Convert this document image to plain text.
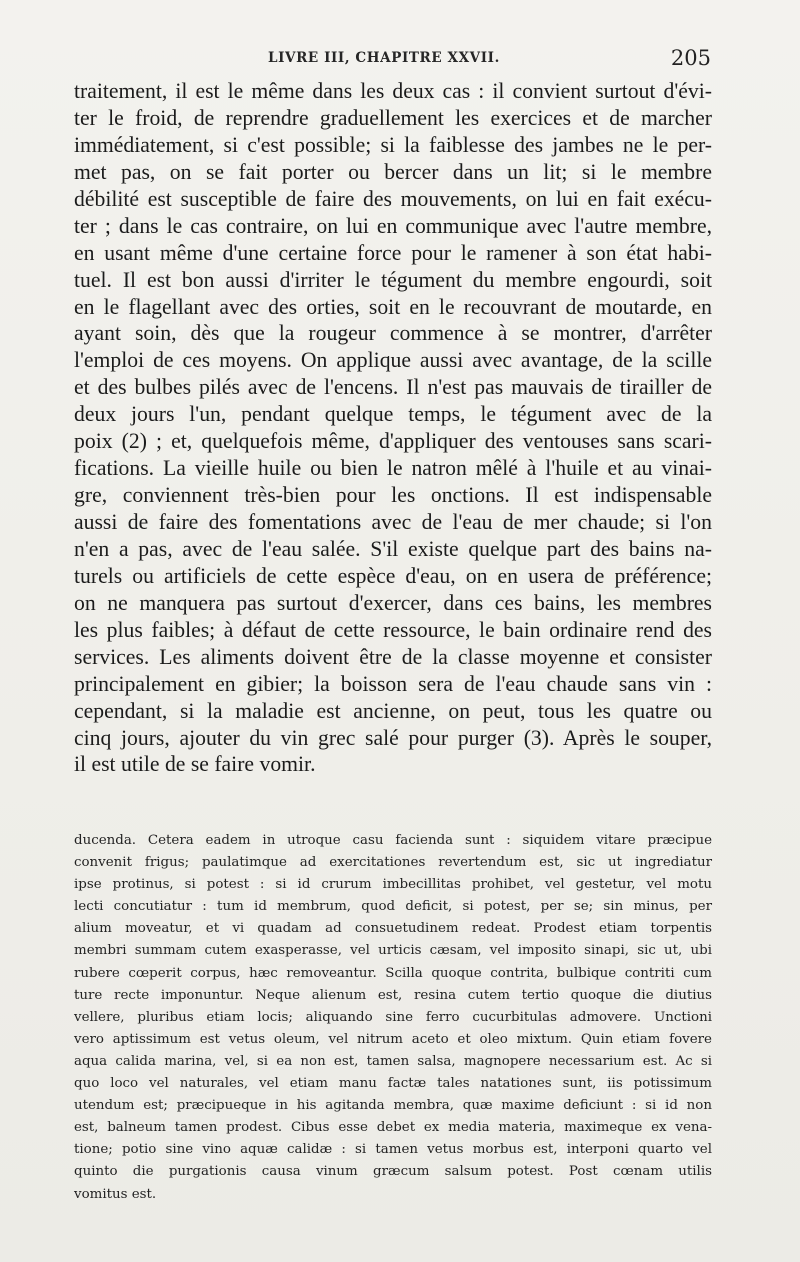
LIVRE III, CHAPITRE XXVII.	205
traitement, il est le même dans les deux cas : il convient surtout d'évi-
ter le froid, de reprendre graduellement les exercices et de marcher
immédiatement, si c'est possible; si la faiblesse des jambes ne le per-
met pas, on se fait porter ou bercer dans un lit; si le membre
débilité est susceptible de faire des mouvements, on lui en fait exécu-
ter ; dans le cas contraire, on lui en communique avec l'autre membre,
en usant même d'une certaine force pour le ramener à son état habi-
tuel. Il est bon aussi d'irriter le tégument du membre engourdi, soit
en le flagellant avec des orties, soit en le recouvrant de moutarde, en
ayant soin, dès que la rougeur commence à se montrer, d'arrêter
l'emploi de ces moyens. On applique aussi avec avantage, de la scille
et des bulbes pilés avec de l'encens. Il n'est pas mauvais de tirailler de
deux jours l'un, pendant quelque temps, le tégument avec de la
poix (2) ; et, quelquefois même, d'appliquer des ventouses sans scari-
fications. La vieille huile ou bien le natron mêlé à l'huile et au vinai-
gre, conviennent très-bien pour les onctions. Il est indispensable
aussi de faire des fomentations avec de l'eau de mer chaude; si l'on
n'en a pas, avec de l'eau salée. S'il existe quelque part des bains na-
turels ou artificiels de cette espèce d'eau, on en usera de préférence;
on ne manquera pas surtout d'exercer, dans ces bains, les membres
les plus faibles; à défaut de cette ressource, le bain ordinaire rend des
services. Les aliments doivent être de la classe moyenne et consister
principalement en gibier; la boisson sera de l'eau chaude sans vin :
cependant, si la maladie est ancienne, on peut, tous les quatre ou
cinq jours, ajouter du vin grec salé pour purger (3). Après le souper,
il est utile de se faire vomir.
ducenda. Cetera eadem in utroque casu facienda sunt : siquidem vitare præcipue
convenit frigus; paulatimque ad exercitationes revertendum est, sic ut ingrediatur
ipse protinus, si potest : si id crurum imbecillitas prohibet, vel gestetur, vel motu
lecti concutiatur : tum id membrum, quod deficit, si potest, per se; sin minus, per
alium moveatur, et vi quadam ad consuetudinem redeat. Prodest etiam torpentis
membri summam cutem exasperasse, vel urticis cæsam, vel imposito sinapi, sic ut, ubi
rubere cœperit corpus, hæc removeantur. Scilla quoque contrita, bulbique contriti cum
ture recte imponuntur. Neque alienum est, resina cutem tertio quoque die diutius
vellere, pluribus etiam locis; aliquando sine ferro cucurbitulas admovere. Unctioni
vero aptissimum est vetus oleum, vel nitrum aceto et oleo mixtum. Quin etiam fovere
aqua calida marina, vel, si ea non est, tamen salsa, magnopere necessarium est. Ac si
quo loco vel naturales, vel etiam manu factæ tales natationes sunt, iis potissimum
utendum est; præcipueque in his agitanda membra, quæ maxime deficiunt : si id non
est, balneum tamen prodest. Cibus esse debet ex media materia, maximeque ex vena-
tione; potio sine vino aquæ calidæ : si tamen vetus morbus est, interponi quarto vel
quinto die purgationis causa vinum græcum salsum potest. Post cœnam utilis
vomitus est.
